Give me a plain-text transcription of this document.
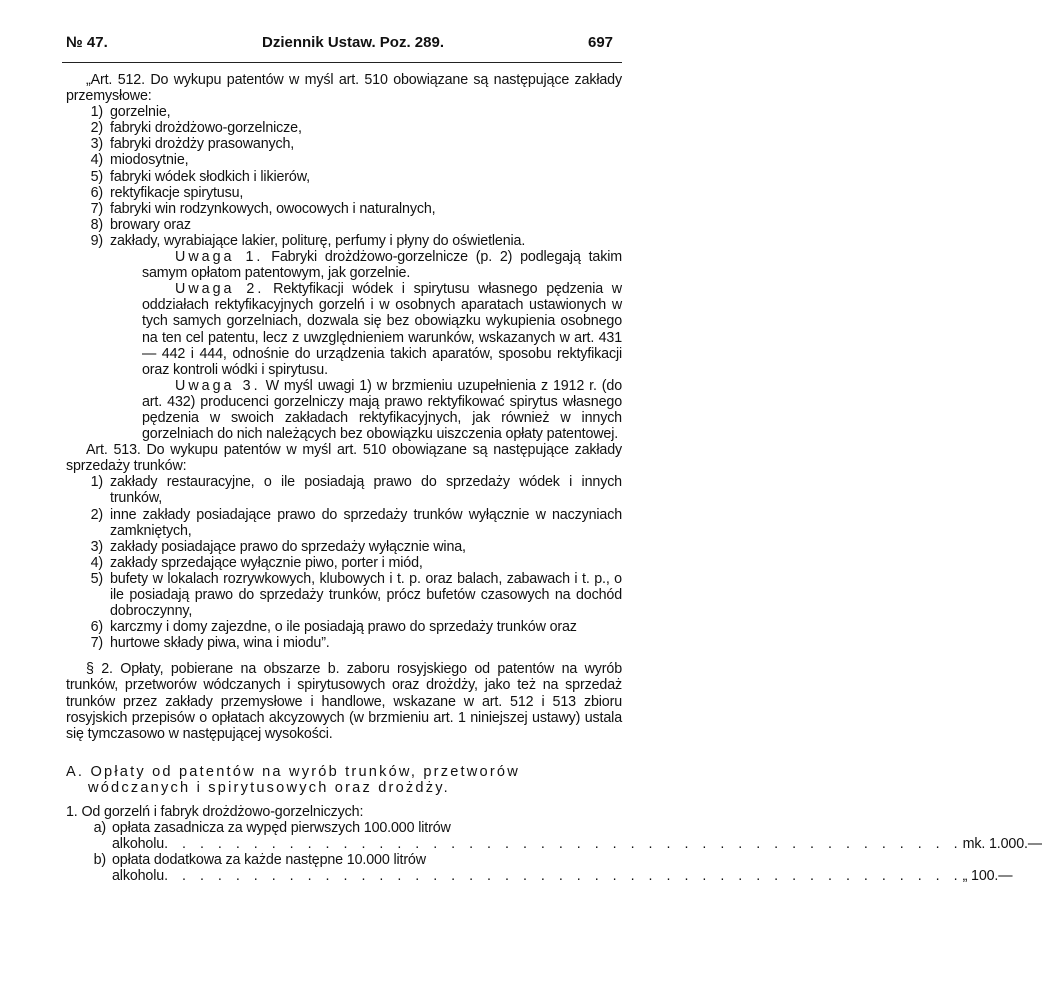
№ 47.	Dziennik Ustaw. Poz. 289.	697

„Art. 512. Do wykupu patentów w myśl art. 510 obowiązane są następujące zakłady przemysłowe:

1) gorzelnie,
2) fabryki drożdżowo-gorzelnicze,
3) fabryki drożdży prasowanych,
4) miodosytnie,
5) fabryki wódek słodkich i likierów,
6) rektyfikacje spirytusu,
7) fabryki win rodzynkowych, owocowych i naturalnych,
8) browary oraz
9) zakłady, wyrabiające lakier, politurę, perfumy i płyny do oświetlenia.

Uwaga 1. Fabryki drożdżowo-gorzelnicze (p. 2) podlegają takim samym opłatom patentowym, jak gorzelnie.

Uwaga 2. Rektyfikacji wódek i spirytusu własnego pędzenia w oddziałach rektyfikacyjnych gorzelń i w osobnych aparatach ustawionych w tych samych gorzelniach, dozwala się bez obowiązku wykupienia osobnego na ten cel patentu, lecz z uwzględnieniem warunków, wskazanych w art. 431 — 442 i 444, odnośnie do urządzenia takich aparatów, sposobu rektyfikacji oraz kontroli wódki i spirytusu.

Uwaga 3. W myśl uwagi 1) w brzmieniu uzupełnienia z 1912 r. (do art. 432) producenci gorzelniczy mają prawo rektyfikować spirytus własnego pędzenia w swoich zakładach rektyfikacyjnych, jak również w innych gorzelniach do nich należących bez obowiązku uiszczenia opłaty patentowej.

Art. 513. Do wykupu patentów w myśl art. 510 obowiązane są następujące zakłady sprzedaży trunków:

1) zakłady restauracyjne, o ile posiadają prawo do sprzedaży wódek i innych trunków,
2) inne zakłady posiadające prawo do sprzedaży trunków wyłącznie w naczyniach zamkniętych,
3) zakłady posiadające prawo do sprzedaży wyłącznie wina,
4) zakłady sprzedające wyłącznie piwo, porter i miód,
5) bufety w lokalach rozrywkowych, klubowych i t. p. oraz balach, zabawach i t. p., o ile posiadają prawo do sprzedaży trunków, prócz bufetów czasowych na dochód dobroczynny,
6) karczmy i domy zajezdne, o ile posiadają prawo do sprzedaży trunków oraz
7) hurtowe składy piwa, wina i miodu”.

§ 2. Opłaty, pobierane na obszarze b. zaboru rosyjskiego od patentów na wyrób trunków, przetworów wódczanych i spirytusowych oraz drożdży, jako też na sprzedaż trunków przez zakłady przemysłowe i handlowe, wskazane w art. 512 i 513 zbioru rosyjskich przepisów o opłatach akcyzowych (w brzmieniu art. 1 niniejszej ustawy) ustala się tymczasowo w następującej wysokości.

A. Opłaty od patentów na wyrób trunków, przetworów

wódczanych i spirytusowych oraz drożdży.

1. Od gorzelń i fabryk drożdżowo-gorzelniczych:

a) opłata zasadnicza za wypęd pierwszych 100.000 litrów
alkoholu . . . . . . . . . . . . . . . . . . . . . . . . . . . . . . . . . . . . . . . . . . . . . mk. 1.000.—
b) opłata dodatkowa za każde następne 10.000 litrów
alkoholu . . . . . . . . . . . . . . . . . . . . . . . . . . . . . . . . . . . . . . . . . . . . . „ 100.—
